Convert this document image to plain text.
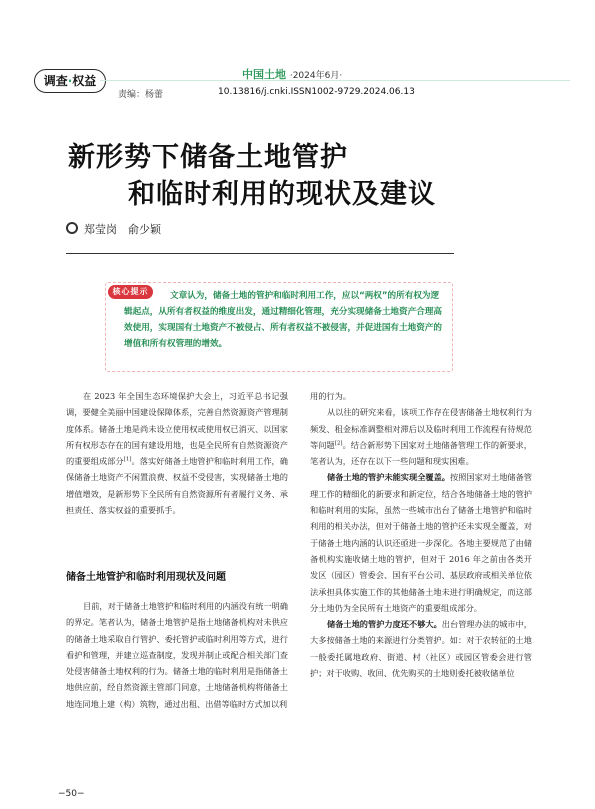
调查·权益	中国土地 ·2024年6月·
责编：杨蕾	10.13816/j.cnki.ISSN1002-9729.2024.06.13
新形势下储备土地管护
和临时利用的现状及建议
郑莹岗　俞少颖
文章认为，储备土地的管护和临时利用工作，应以“两权”的所有权为逻辑起点，从所有者权益的维度出发，通过精细化管理，充分实现储备土地资产合理高效使用，实现国有土地资产不被侵占、所有者权益不被侵害，并促进国有土地资产的增值和所有权管理的增效。
核心提示

在 2023 年全国生态环境保护大会上，习近平总书记强调，要健全美丽中国建设保障体系，完善自然资源资产管理制度体系。储备土地是尚未设立使用权或使用权已消灭、以国家所有权形态存在的国有建设用地，也是全民所有自然资源资产的重要组成部分[1]。落实好储备土地管护和临时利用工作，确保储备土地资产不闲置浪费、权益不受侵害，实现储备土地的增值增效，是新形势下全民所有自然资源所有者履行义务、承担责任、落实权益的重要抓手。

储备土地管护和临时利用现状及问题

目前，对于储备土地管护和临时利用的内涵没有统一明确的界定。笔者认为，储备土地管护是指土地储备机构对未供应的储备土地采取自行管护、委托管护或临时利用等方式，进行看护和管理，并建立巡查制度，发现并制止或配合相关部门查处侵害储备土地权利的行为。储备土地的临时利用是指储备土地供应前，经自然资源主管部门同意，土地储备机构将储备土地连同地上建（构）筑物，通过出租、出借等临时方式加以利

用的行为。

从以往的研究来看，该项工作存在侵害储备土地权利行为频发、租金标准调整相对滞后以及临时利用工作流程有待规范等问题[2]。结合新形势下国家对土地储备管理工作的新要求，笔者认为，还存在以下一些问题和现实困难。

储备土地的管护未能实现全覆盖。按照国家对土地储备管理工作的精细化的新要求和新定位，结合各地储备土地的管护和临时利用的实际，虽然一些城市出台了储备土地管护和临时利用的相关办法，但对于储备土地的管护还未实现全覆盖，对于储备土地内涵的认识还亟进一步深化。各地主要规范了由储备机构实施收储土地的管护，但对于 2016 年之前由各类开发区（园区）管委会、国有平台公司、基层政府或相关单位依法承担具体实施工作的其他储备土地未进行明确规定，而这部分土地仍为全民所有土地资产的重要组成部分。

储备土地的管护力度还不够大。出台管理办法的城市中，大多按储备土地的来源进行分类管护。如：对于农转征的土地一般委托属地政府、街道、村（社区）或园区管委会进行管护；对于收购、收回、优先购买的土地则委托被收储单位

−50−
